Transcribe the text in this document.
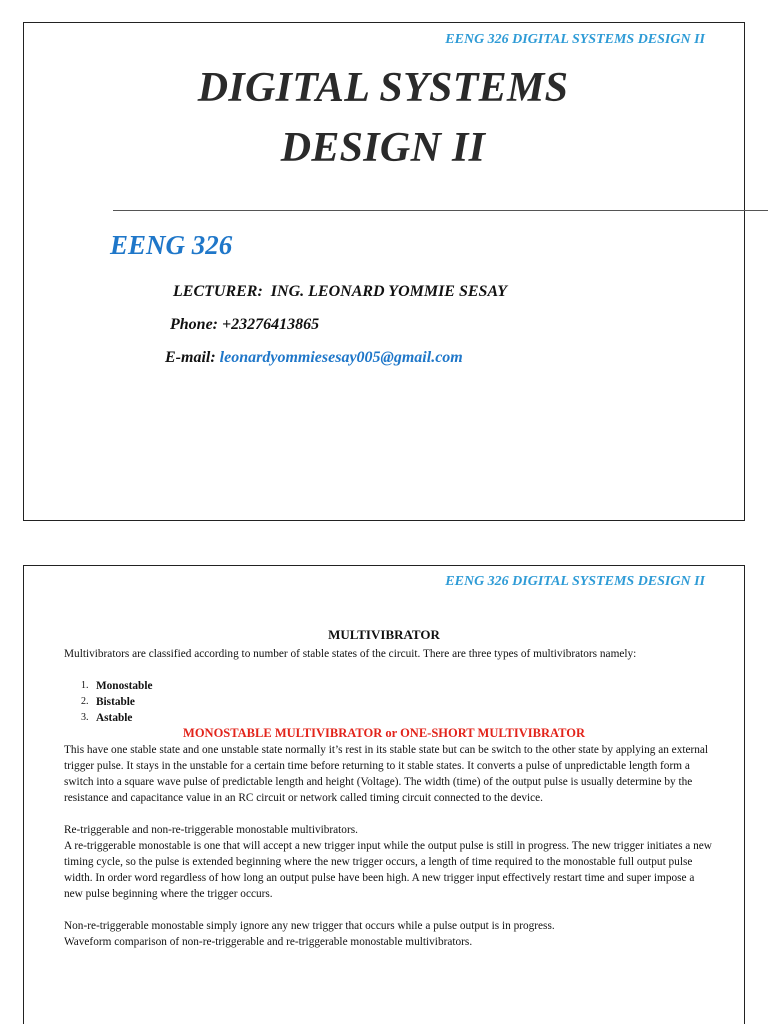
EENG 326 DIGITAL SYSTEMS DESIGN II
DIGITAL SYSTEMS
DESIGN II
EENG 326
LECTURER: ING. LEONARD YOMMIE SESAY
Phone: +23276413865
E-mail: leonardyommiesesay005@gmail.com
EENG 326 DIGITAL SYSTEMS DESIGN II
MULTIVIBRATOR
Multivibrators are classified according to number of stable states of the circuit. There are three types of multivibrators namely:
1. Monostable
2. Bistable
3. Astable
MONOSTABLE MULTIVIBRATOR or ONE-SHORT MULTIVIBRATOR
This have one stable state and one unstable state normally it’s rest in its stable state but can be switch to the other state by applying an external trigger pulse. It stays in the unstable for a certain time before returning to it stable states. It converts a pulse of unpredictable length form a switch into a square wave pulse of predictable length and height (Voltage). The width (time) of the output pulse is usually determine by the resistance and capacitance value in an RC circuit or network called timing circuit connected to the device.
Re-triggerable and non-re-triggerable monostable multivibrators.
A re-triggerable monostable is one that will accept a new trigger input while the output pulse is still in progress. The new trigger initiates a new timing cycle, so the pulse is extended beginning where the new trigger occurs, a length of time required to the monostable full output pulse width. In order word regardless of how long an output pulse have been high. A new trigger input effectively restart time and super impose a new pulse beginning where the trigger occurs.
Non-re-triggerable monostable simply ignore any new trigger that occurs while a pulse output is in progress.
Waveform comparison of non-re-triggerable and re-triggerable monostable multivibrators.
